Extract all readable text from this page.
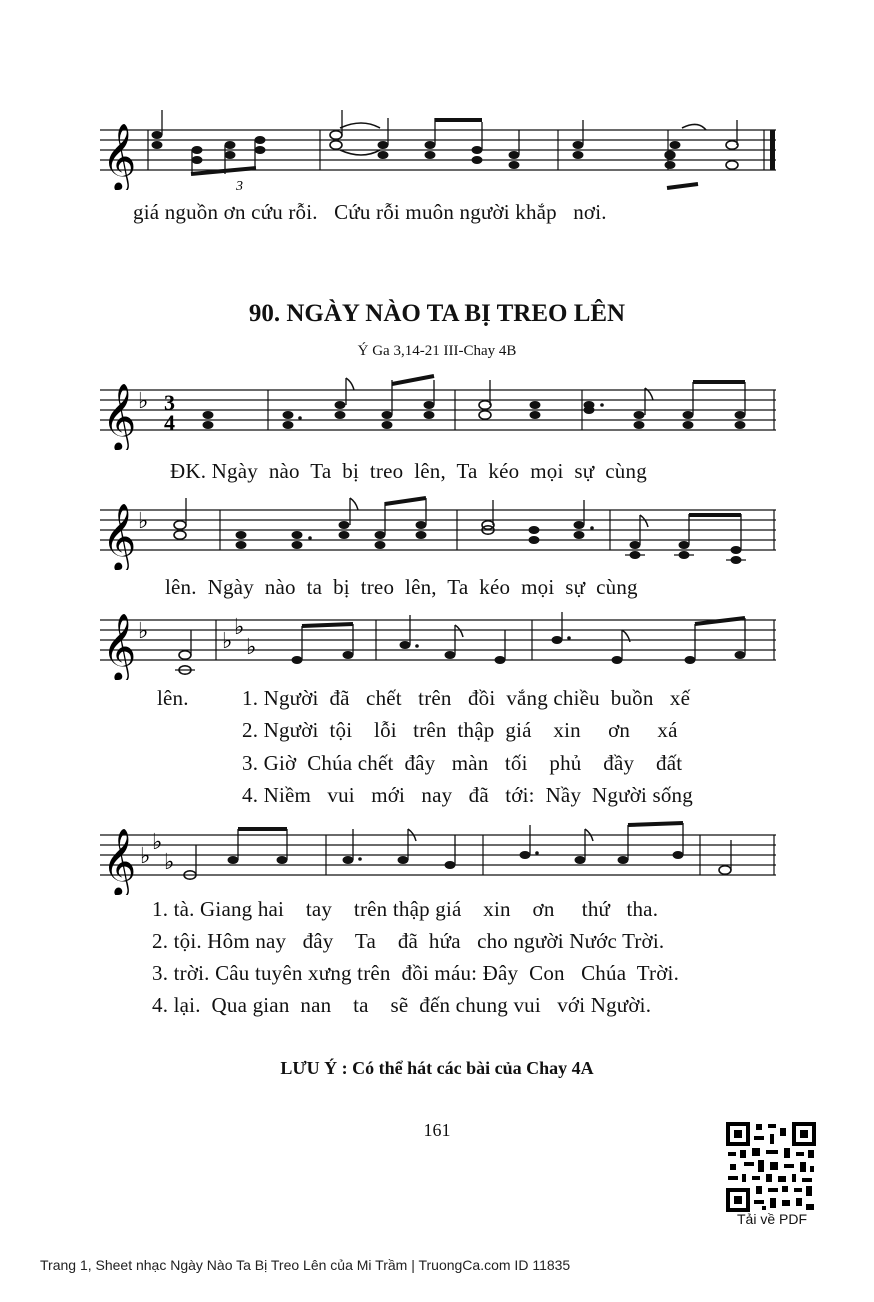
𝄞	3
giá nguồn ơn cứu rỗi.   Cứu rỗi muôn người khắp   nơi.
90. NGÀY NÀO TA BỊ TREO LÊN
Ý Ga 3,14-21 III-Chay 4B
𝄞 ♭ 3
4
ĐK. Ngày  nào  Ta  bị  treo  lên,  Ta  kéo  mọi  sự  cùng
𝄞 ♭
lên.  Ngày  nào  ta  bị  treo  lên,  Ta  kéo  mọi  sự  cùng
𝄞 ♭	♭
♭
♭
lên.	1. Người  đã   chết   trên   đồi  vắng chiều  buồn   xế
2. Người  tội    lỗi   trên  thập  giá    xin     ơn     xá
3. Giờ  Chúa chết  đây   màn   tối    phủ    đầy    đất
4. Niềm   vui   mới   nay   đã   tới:  Nầy  Người sống
𝄞 ♭
♭
♭
1. tà. Giang hai    tay    trên thập giá    xin    ơn     thứ   tha.
2. tội. Hôm nay   đây    Ta    đã  hứa   cho người Nước Trời.
3. trời. Câu tuyên xưng trên  đồi máu: Đây  Con   Chúa  Trời.
4. lại.  Qua gian  nan    ta    sẽ  đến chung vui   với Người.
LƯU Ý : Có thể hát các bài của Chay 4A
161
Tải về PDF
Trang 1, Sheet nhạc Ngày Nào Ta Bị Treo Lên của Mi Trầm | TruongCa.com ID 11835
